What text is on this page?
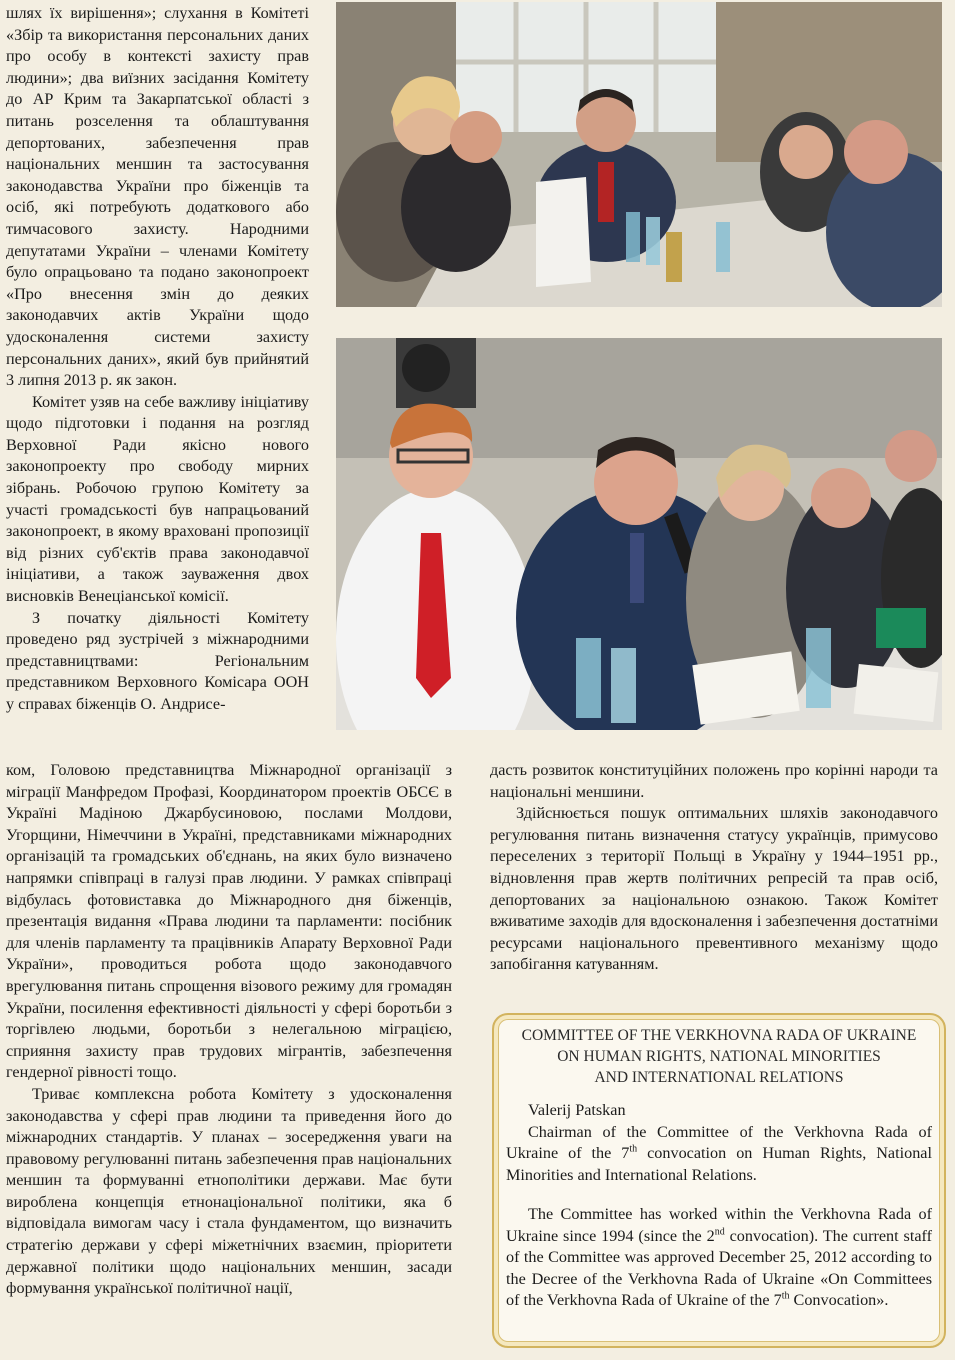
шлях їх вирішення»; слухання в Комітеті «Збір та використання персональних даних про особу в контексті захисту прав людини»; два виїзних засідання Комітету до АР Крим та Закарпатської області з питань розселення та облаштування депортованих, забезпечення прав національних меншин та застосування законодавства України про біженців та осіб, які потребують додаткового або тимчасового захисту. Народними депутатами України – членами Комітету було опрацьовано та подано законопроект «Про внесення змін до деяких законодавчих актів України щодо удосконалення системи захисту персональних даних», який був прийнятий 3 липня 2013 р. як закон.

Комітет узяв на себе важливу ініціативу щодо підготовки і подання на розгляд Верховної Ради якісно нового законопроекту про свободу мирних зібрань. Робочою групою Комітету за участі громадськості був напрацьований законопроект, в якому враховані пропозиції від різних суб'єктів права законодавчої ініціативи, а також зауваження двох висновків Венеціанської комісії.

З початку діяльності Комітету проведено ряд зустрічей з міжнародними представництвами: Регіональним представником Верховного Комісара ООН у справах біженців О. Андрисе-

ком, Головою представництва Міжнародної організації з міграції Манфредом Профазі, Координатором проектів ОБСЄ в Україні Мадіною Джарбусиновою, послами Молдови, Угорщини, Німеччини в Україні, представниками міжнародних організацій та громадських об'єднань, на яких було визначено напрямки співпраці в галузі прав людини. У рамках співпраці відбулась фотовиставка до Міжнародного дня біженців, презентація видання «Права людини та парламенти: посібник для членів парламенту та працівників Апарату Верховної Ради України», проводиться робота щодо законодавчого врегулювання питань спрощення візового режиму для громадян України, посилення ефективності діяльності у сфері боротьби з торгівлею людьми, боротьби з нелегальною міграцією, сприяння захисту прав трудових мігрантів, забезпечення гендерної рівності тощо.

Триває комплексна робота Комітету з удосконалення законодавства у сфері прав людини та приведення його до міжнародних стандартів. У планах – зосередження уваги на правовому регулюванні питань забезпечення прав національних меншин та формуванні етнополітики держави. Має бути вироблена концепція етнонаціональної політики, яка б відповідала вимогам часу і стала фундаментом, що визначить стратегію держави у сфері міжетнічних взаємин, пріоритети державної політики щодо національних меншин, засади формування української політичної нації,

дасть розвиток конституційних положень про корінні народи та національні меншини.

Здійснюється пошук оптимальних шляхів законодавчого регулювання питань визначення статусу українців, примусово переселених з території Польщі в Україну у 1944–1951 рр., відновлення прав жертв політичних репресій та прав осіб, депортованих за національною ознакою. Також Комітет вживатиме заходів для вдосконалення і забезпечення достатніми ресурсами національного превентивного механізму щодо запобігання катуванням.

COMMITTEE OF THE VERKHOVNA RADA OF UKRAINE

ON HUMAN RIGHTS, NATIONAL MINORITIES

AND INTERNATIONAL RELATIONS

Valerij Patskan

Chairman of the Committee of the Verkhovna Rada of Ukraine of the 7th convocation on Human Rights, National Minorities and International Relations.

The Committee has worked within the Verkhovna Rada of Ukraine since 1994 (since the 2nd convocation). The current staff of the Committee was approved December 25, 2012 according to the Decree of the Verkhovna Rada of Ukraine «On Committees of the Verkhovna Rada of Ukraine of the 7th Convocation».
